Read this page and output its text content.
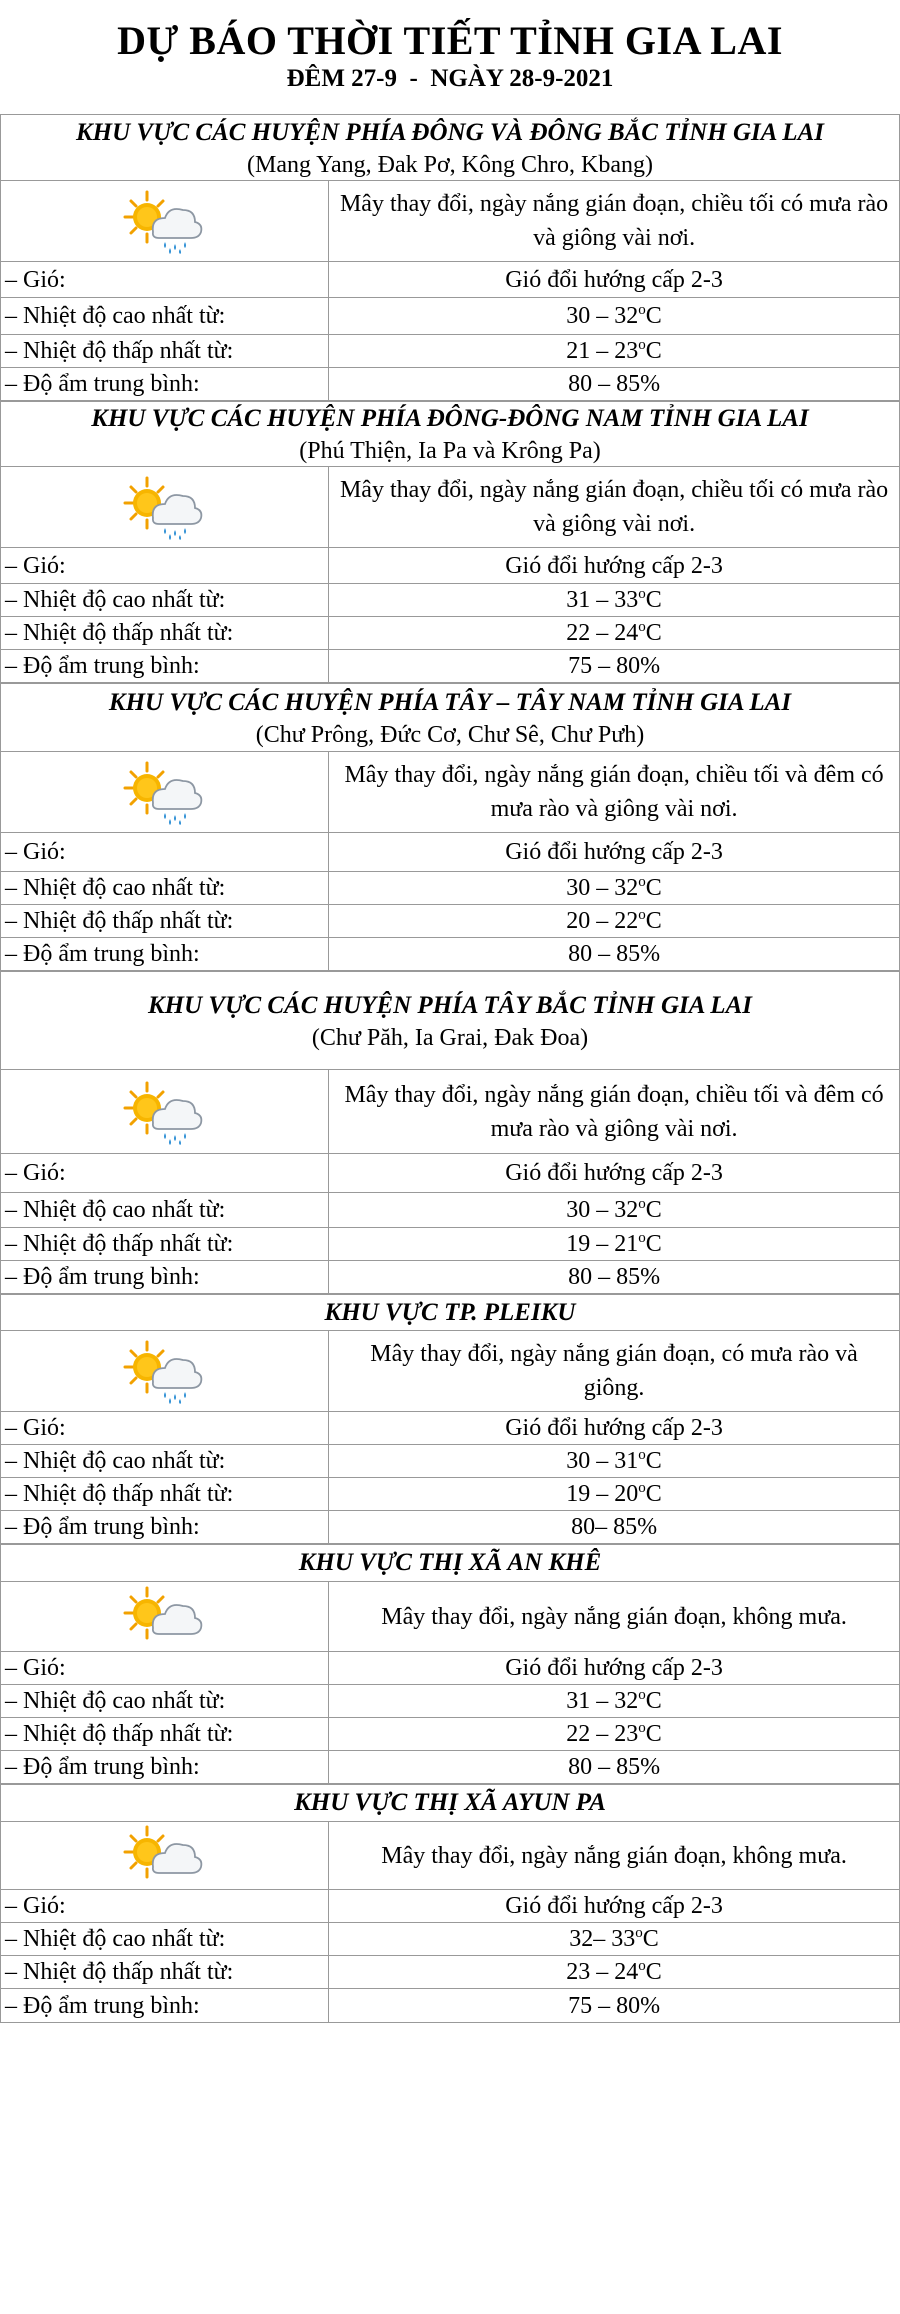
DỰ BÁO THỜI TIẾT TỈNH GIA LAI
ĐÊM 27-9  -  NGÀY 28-9-2021
KHU VỰC CÁC HUYỆN PHÍA ĐÔNG VÀ ĐÔNG BẮC TỈNH GIA LAI
(Mang Yang, Đak Pơ, Kông Chro, Kbang)	

	Mây thay đổi, ngày nắng gián đoạn, chiều tối có mưa rào và giông vài nơi.
– Gió:	Gió đổi hướng cấp 2-3
– Nhiệt độ cao nhất từ:	30 – 32$^o$C
– Nhiệt độ thấp nhất từ:	21 – 23$^o$C
– Độ ẩm trung bình:	80 – 85%
KHU VỰC CÁC HUYỆN PHÍA ĐÔNG-ĐÔNG NAM TỈNH GIA LAI
(Phú Thiện, Ia Pa và Krông Pa)	

	Mây thay đổi, ngày nắng gián đoạn, chiều tối có mưa rào và giông vài nơi.
– Gió:	Gió đổi hướng cấp 2-3
– Nhiệt độ cao nhất từ:	31 – 33$^o$C
– Nhiệt độ thấp nhất từ:	22 – 24$^o$C
– Độ ẩm trung bình:	75 – 80%
KHU VỰC CÁC HUYỆN PHÍA TÂY – TÂY NAM TỈNH GIA LAI
(Chư Prông, Đức Cơ, Chư Sê, Chư Pưh)	

	Mây thay đổi, ngày nắng gián đoạn, chiều tối và đêm có mưa rào và giông vài nơi.
– Gió:	Gió đổi hướng cấp 2-3
– Nhiệt độ cao nhất từ:	30 – 32$^o$C
– Nhiệt độ thấp nhất từ:	20 – 22$^o$C
– Độ ẩm trung bình:	80 – 85%
KHU VỰC CÁC HUYỆN PHÍA TÂY BẮC TỈNH GIA LAI
(Chư Păh, Ia Grai, Đak Đoa)	

	Mây thay đổi, ngày nắng gián đoạn, chiều tối và đêm có mưa rào và giông vài nơi.
– Gió:	Gió đổi hướng cấp 2-3
– Nhiệt độ cao nhất từ:	30 – 32$^o$C
– Nhiệt độ thấp nhất từ:	19 – 21$^o$C
– Độ ẩm trung bình:	80 – 85%
KHU VỰC TP. PLEIKU	

	Mây thay đổi, ngày nắng gián đoạn, có mưa rào và giông.
– Gió:	Gió đổi hướng cấp 2-3
– Nhiệt độ cao nhất từ:	30 – 31$^o$C
– Nhiệt độ thấp nhất từ:	19 – 20$^o$C
– Độ ẩm trung bình:	80– 85%
KHU VỰC THỊ XÃ AN KHÊ	

	Mây thay đổi, ngày nắng gián đoạn, không mưa.
– Gió:	Gió đổi hướng cấp 2-3
– Nhiệt độ cao nhất từ:	31 – 32$^o$C
– Nhiệt độ thấp nhất từ:	22 – 23$^o$C
– Độ ẩm trung bình:	80 – 85%
KHU VỰC THỊ XÃ AYUN PA	

	Mây thay đổi, ngày nắng gián đoạn, không mưa.
– Gió:	Gió đổi hướng cấp 2-3
– Nhiệt độ cao nhất từ:	32– 33$^o$C
– Nhiệt độ thấp nhất từ:	23 – 24$^o$C
– Độ ẩm trung bình:	75 – 80%
